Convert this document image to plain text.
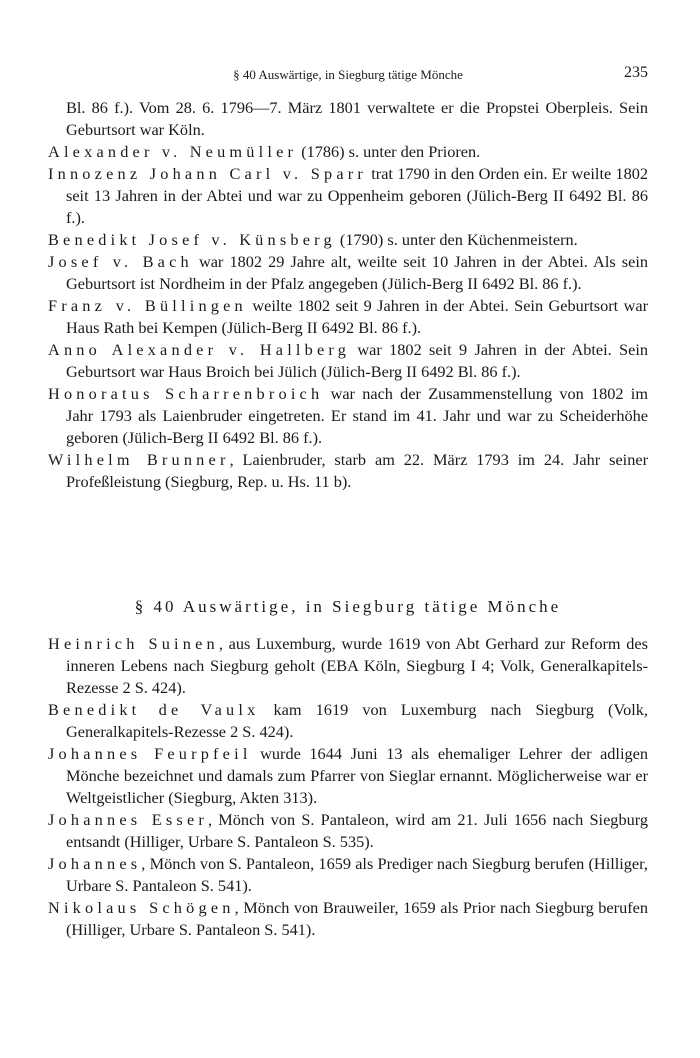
§ 40 Auswärtige, in Siegburg tätige Mönche	235

Bl. 86 f.). Vom 28. 6. 1796—7. März 1801 verwaltete er die Propstei Oberpleis. Sein Geburtsort war Köln.

Alexander v. Neumüller (1786) s. unter den Prioren.

Innozenz Johann Carl v. Sparr trat 1790 in den Orden ein. Er weilte 1802 seit 13 Jahren in der Abtei und war zu Oppenheim geboren (Jülich-Berg II 6492 Bl. 86 f.).

Benedikt Josef v. Künsberg (1790) s. unter den Küchenmeistern.

Josef v. Bach war 1802 29 Jahre alt, weilte seit 10 Jahren in der Abtei. Als sein Geburtsort ist Nordheim in der Pfalz angegeben (Jülich-Berg II 6492 Bl. 86 f.).

Franz v. Büllingen weilte 1802 seit 9 Jahren in der Abtei. Sein Geburtsort war Haus Rath bei Kempen (Jülich-Berg II 6492 Bl. 86 f.).

Anno Alexander v. Hallberg war 1802 seit 9 Jahren in der Abtei. Sein Geburtsort war Haus Broich bei Jülich (Jülich-Berg II 6492 Bl. 86 f.).

Honoratus Scharrenbroich war nach der Zusammenstellung von 1802 im Jahr 1793 als Laienbruder eingetreten. Er stand im 41. Jahr und war zu Scheiderhöhe geboren (Jülich-Berg II 6492 Bl. 86 f.).

Wilhelm Brunner, Laienbruder, starb am 22. März 1793 im 24. Jahr seiner Profeßleistung (Siegburg, Rep. u. Hs. 11 b).

§ 40 Auswärtige, in Siegburg tätige Mönche

Heinrich Suinen, aus Luxemburg, wurde 1619 von Abt Gerhard zur Reform des inneren Lebens nach Siegburg geholt (EBA Köln, Siegburg I 4; Volk, Generalkapitels-Rezesse 2 S. 424).

Benedikt de Vaulx kam 1619 von Luxemburg nach Siegburg (Volk, Generalkapitels-Rezesse 2 S. 424).

Johannes Feurpfeil wurde 1644 Juni 13 als ehemaliger Lehrer der adligen Mönche bezeichnet und damals zum Pfarrer von Sieglar ernannt. Möglicherweise war er Weltgeistlicher (Siegburg, Akten 313).

Johannes Esser, Mönch von S. Pantaleon, wird am 21. Juli 1656 nach Siegburg entsandt (Hilliger, Urbare S. Pantaleon S. 535).

Johannes, Mönch von S. Pantaleon, 1659 als Prediger nach Siegburg berufen (Hilliger, Urbare S. Pantaleon S. 541).

Nikolaus Schögen, Mönch von Brauweiler, 1659 als Prior nach Siegburg berufen (Hilliger, Urbare S. Pantaleon S. 541).
